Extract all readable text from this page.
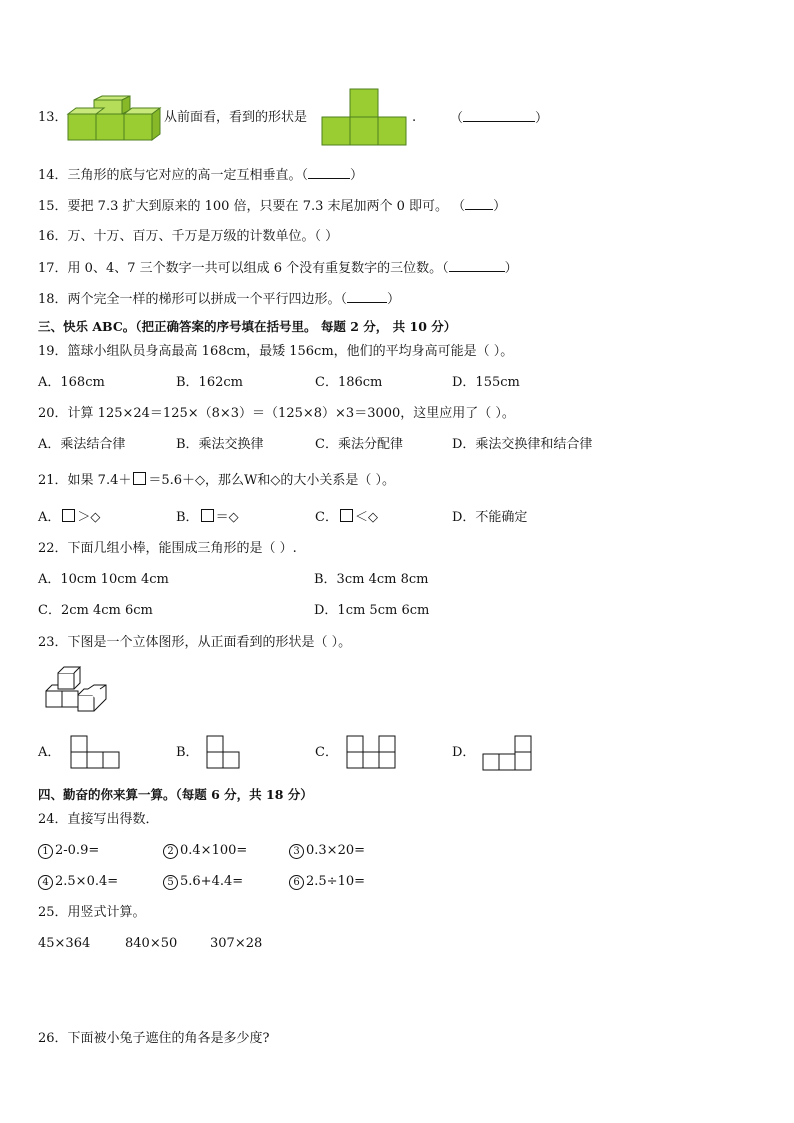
13．	从前面看，看到的形状是	.	（	）
14．三角形的底与它对应的高一定互相垂直。（	）
15．要把 7.3 扩大到原来的 100 倍，只要在 7.3 末尾加两个 0 即可。 （ ）
16．万、十万、百万、千万是万级的计数单位。（ ）
17．用 0、4、7 三个数字一共可以组成 6 个没有重复数字的三位数。（	）
18．两个完全一样的梯形可以拼成一个平行四边形。（	）
三、快乐 ABC。（把正确答案的序号填在括号里。 每题 2 分， 共 10 分）
19．篮球小组队员身高最高 168cm，最矮 156cm，他们的平均身高可能是（ ）。
A．168cm	B．162cm	C．186cm	D．155cm
20．计算 125×24＝125×（8×3）＝（125×8）×3＝3000，这里应用了（ ）。
A．乘法结合律	B．乘法交换律	C．乘法分配律	D．乘法交换律和结合律
21．如果 7.4＋ ＝5.6＋◇，那么W和◇的大小关系是（ ）。
A． ＞◇	B． ＝◇	C． ＜◇	D．不能确定
22．下面几组小棒，能围成三角形的是（ ）.
A．10cm 10cm 4cm	B．3cm 4cm 8cm
C．2cm 4cm 6cm	D．1cm 5cm 6cm
23．下图是一个立体图形，从正面看到的形状是（ ）。
A．	B．	C．	D．
四、勤奋的你来算一算。（每题 6 分，共 18 分）
24．直接写出得数．
1 2-0.9=	2 0.4×100=	3 0.3×20=
4 2.5×0.4=	5 5.6+4.4=	6 2.5÷10=
25．用竖式计算。
45×364	840×50	307×28
26．下面被小兔子遮住的角各是多少度?
